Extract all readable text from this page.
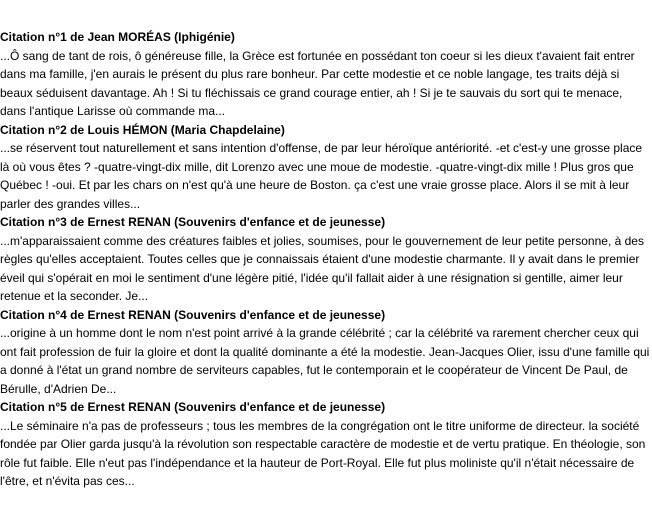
Citation n°1 de Jean MORÉAS (Iphigénie)
...Ô sang de tant de rois, ô généreuse fille, la Grèce est fortunée en possédant ton coeur si les dieux t'avaient fait entrer dans ma famille, j'en aurais le présent du plus rare bonheur. Par cette modestie et ce noble langage, tes traits déjà si beaux séduisent davantage. Ah ! Si tu fléchissais ce grand courage entier, ah ! Si je te sauvais du sort qui te menace, dans l'antique Larisse où commande ma...
Citation n°2 de Louis HÉMON (Maria Chapdelaine)
...se réservent tout naturellement et sans intention d'offense, de par leur héroïque antériorité. -et c'est-y une grosse place là où vous êtes ? -quatre-vingt-dix mille, dit Lorenzo avec une moue de modestie. -quatre-vingt-dix mille ! Plus gros que Québec ! -oui. Et par les chars on n'est qu'à une heure de Boston. ça c'est une vraie grosse place. Alors il se mit à leur parler des grandes villes...
Citation n°3 de Ernest RENAN (Souvenirs d'enfance et de jeunesse)
...m'apparaissaient comme des créatures faibles et jolies, soumises, pour le gouvernement de leur petite personne, à des règles qu'elles acceptaient. Toutes celles que je connaissais étaient d'une modestie charmante. Il y avait dans le premier éveil qui s'opérait en moi le sentiment d'une légère pitié, l'idée qu'il fallait aider à une résignation si gentille, aimer leur retenue et la seconder. Je...
Citation n°4 de Ernest RENAN (Souvenirs d'enfance et de jeunesse)
...origine à un homme dont le nom n'est point arrivé à la grande célébrité ; car la célébrité va rarement chercher ceux qui ont fait profession de fuir la gloire et dont la qualité dominante a été la modestie. Jean-Jacques Olier, issu d'une famille qui a donné à l'état un grand nombre de serviteurs capables, fut le contemporain et le coopérateur de Vincent De Paul, de Bérulle, d'Adrien De...
Citation n°5 de Ernest RENAN (Souvenirs d'enfance et de jeunesse)
...Le séminaire n'a pas de professeurs ; tous les membres de la congrégation ont le titre uniforme de directeur. la société fondée par Olier garda jusqu'à la révolution son respectable caractère de modestie et de vertu pratique. En théologie, son rôle fut faible. Elle n'eut pas l'indépendance et la hauteur de Port-Royal. Elle fut plus moliniste qu'il n'était nécessaire de l'être, et n'évita pas ces...
